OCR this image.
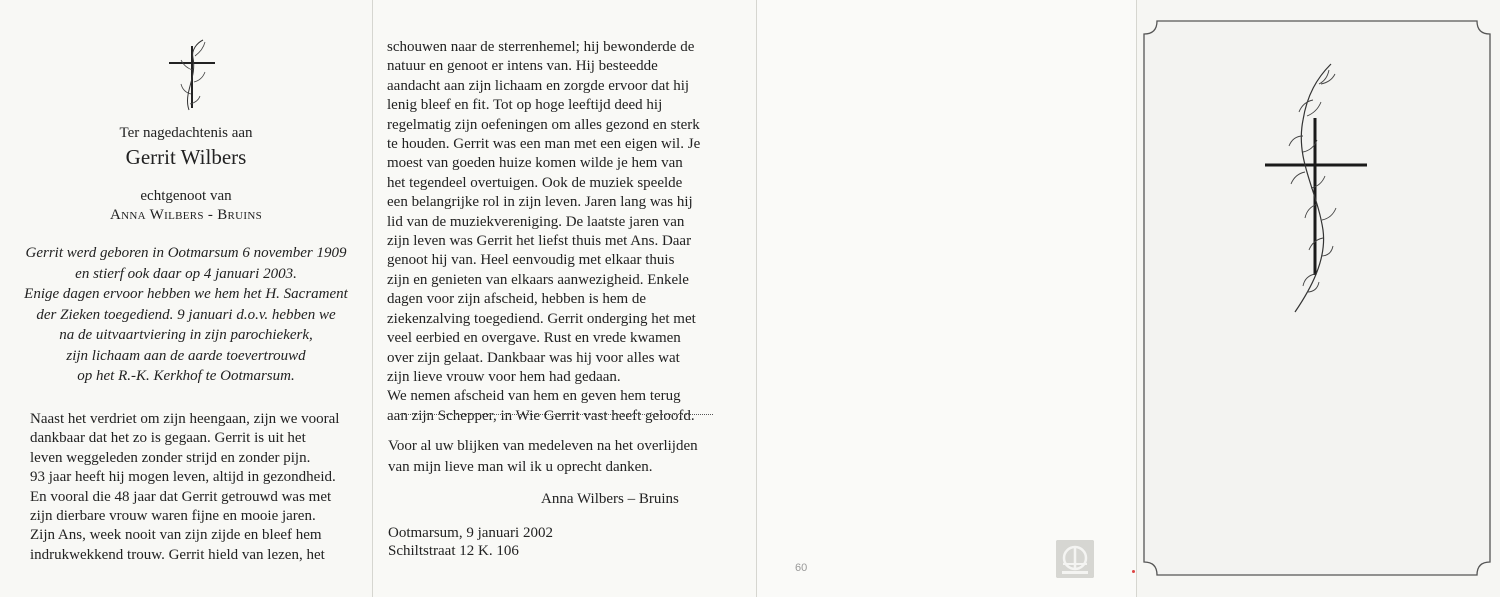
Ter nagedachtenis aan
Gerrit Wilbers
echtgenoot van
Anna Wilbers - Bruins
Gerrit werd geboren in Ootmarsum 6 november 1909
en stierf ook daar op 4 januari 2003.
Enige dagen ervoor hebben we hem het H. Sacrament
der Zieken toegediend. 9 januari d.o.v. hebben we
na de uitvaartviering in zijn parochiekerk,
zijn lichaam aan de aarde toevertrouwd
op het R.-K. Kerkhof te Ootmarsum.
Naast het verdriet om zijn heengaan, zijn we vooral
dankbaar dat het zo is gegaan. Gerrit is uit het
leven weggeleden zonder strijd en zonder pijn.
93 jaar heeft hij mogen leven, altijd in gezondheid.
En vooral die 48 jaar dat Gerrit getrouwd was met
zijn dierbare vrouw waren fijne en mooie jaren.
Zijn Ans, week nooit van zijn zijde en bleef hem
indrukwekkend trouw. Gerrit hield van lezen, het
schouwen naar de sterrenhemel; hij bewonderde de
natuur en genoot er intens van. Hij besteedde
aandacht aan zijn lichaam en zorgde ervoor dat hij
lenig bleef en fit. Tot op hoge leeftijd deed hij
regelmatig zijn oefeningen om alles gezond en sterk
te houden. Gerrit was een man met een eigen wil. Je
moest van goeden huize komen wilde je hem van
het tegendeel overtuigen. Ook de muziek speelde
een belangrijke rol in zijn leven. Jaren lang was hij
lid van de muziekvereniging. De laatste jaren van
zijn leven was Gerrit het liefst thuis met Ans. Daar
genoot hij van. Heel eenvoudig met elkaar thuis
zijn en genieten van elkaars aanwezigheid. Enkele
dagen voor zijn afscheid, hebben is hem de
ziekenzalving toegediend. Gerrit onderging het met
veel eerbied en overgave. Rust en vrede kwamen
over zijn gelaat. Dankbaar was hij voor alles wat
zijn lieve vrouw voor hem had gedaan.
We nemen afscheid van hem en geven hem terug
aan zijn Schepper, in Wie Gerrit vast heeft geloofd.
Voor al uw blijken van medeleven na het overlijden
van mijn lieve man wil ik u oprecht danken.
Anna Wilbers – Bruins
Ootmarsum, 9 januari 2002
Schiltstraat 12 K. 106
60
